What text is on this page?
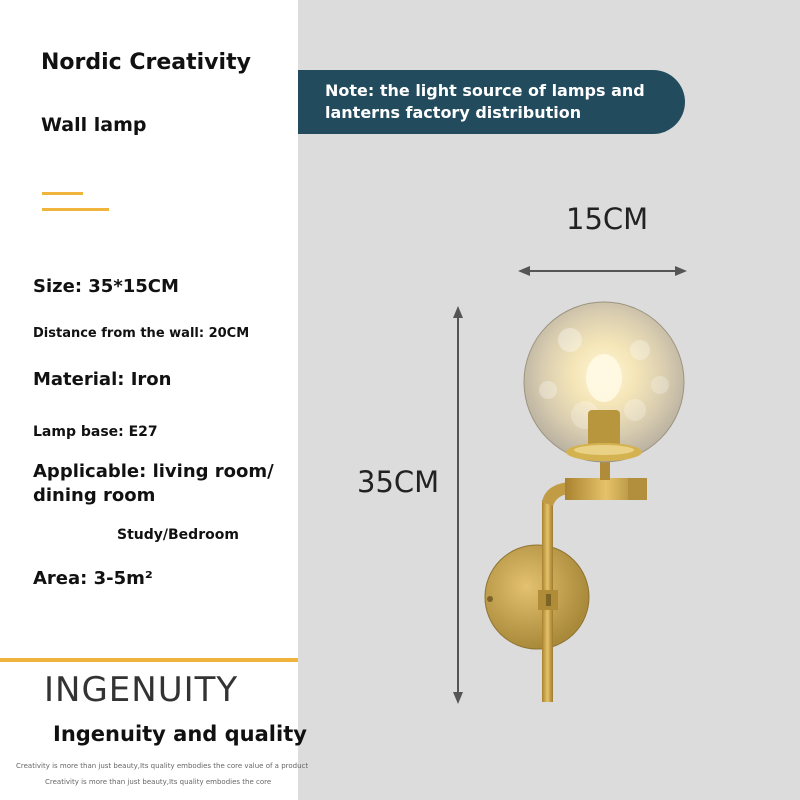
Nordic Creativity
Wall lamp
Size: 35*15CM
Distance from the wall: 20CM
Material: Iron
Lamp base: E27
Applicable: living room/ dining room
Study/Bedroom
Area: 3-5m²
INGENUITY
Ingenuity and quality
Creativity is more than just beauty,Its quality embodies the core value of a product
Creativity is more than just beauty,Its quality embodies the core
Note: the light source of lamps and lanterns factory distribution
15CM
35CM
